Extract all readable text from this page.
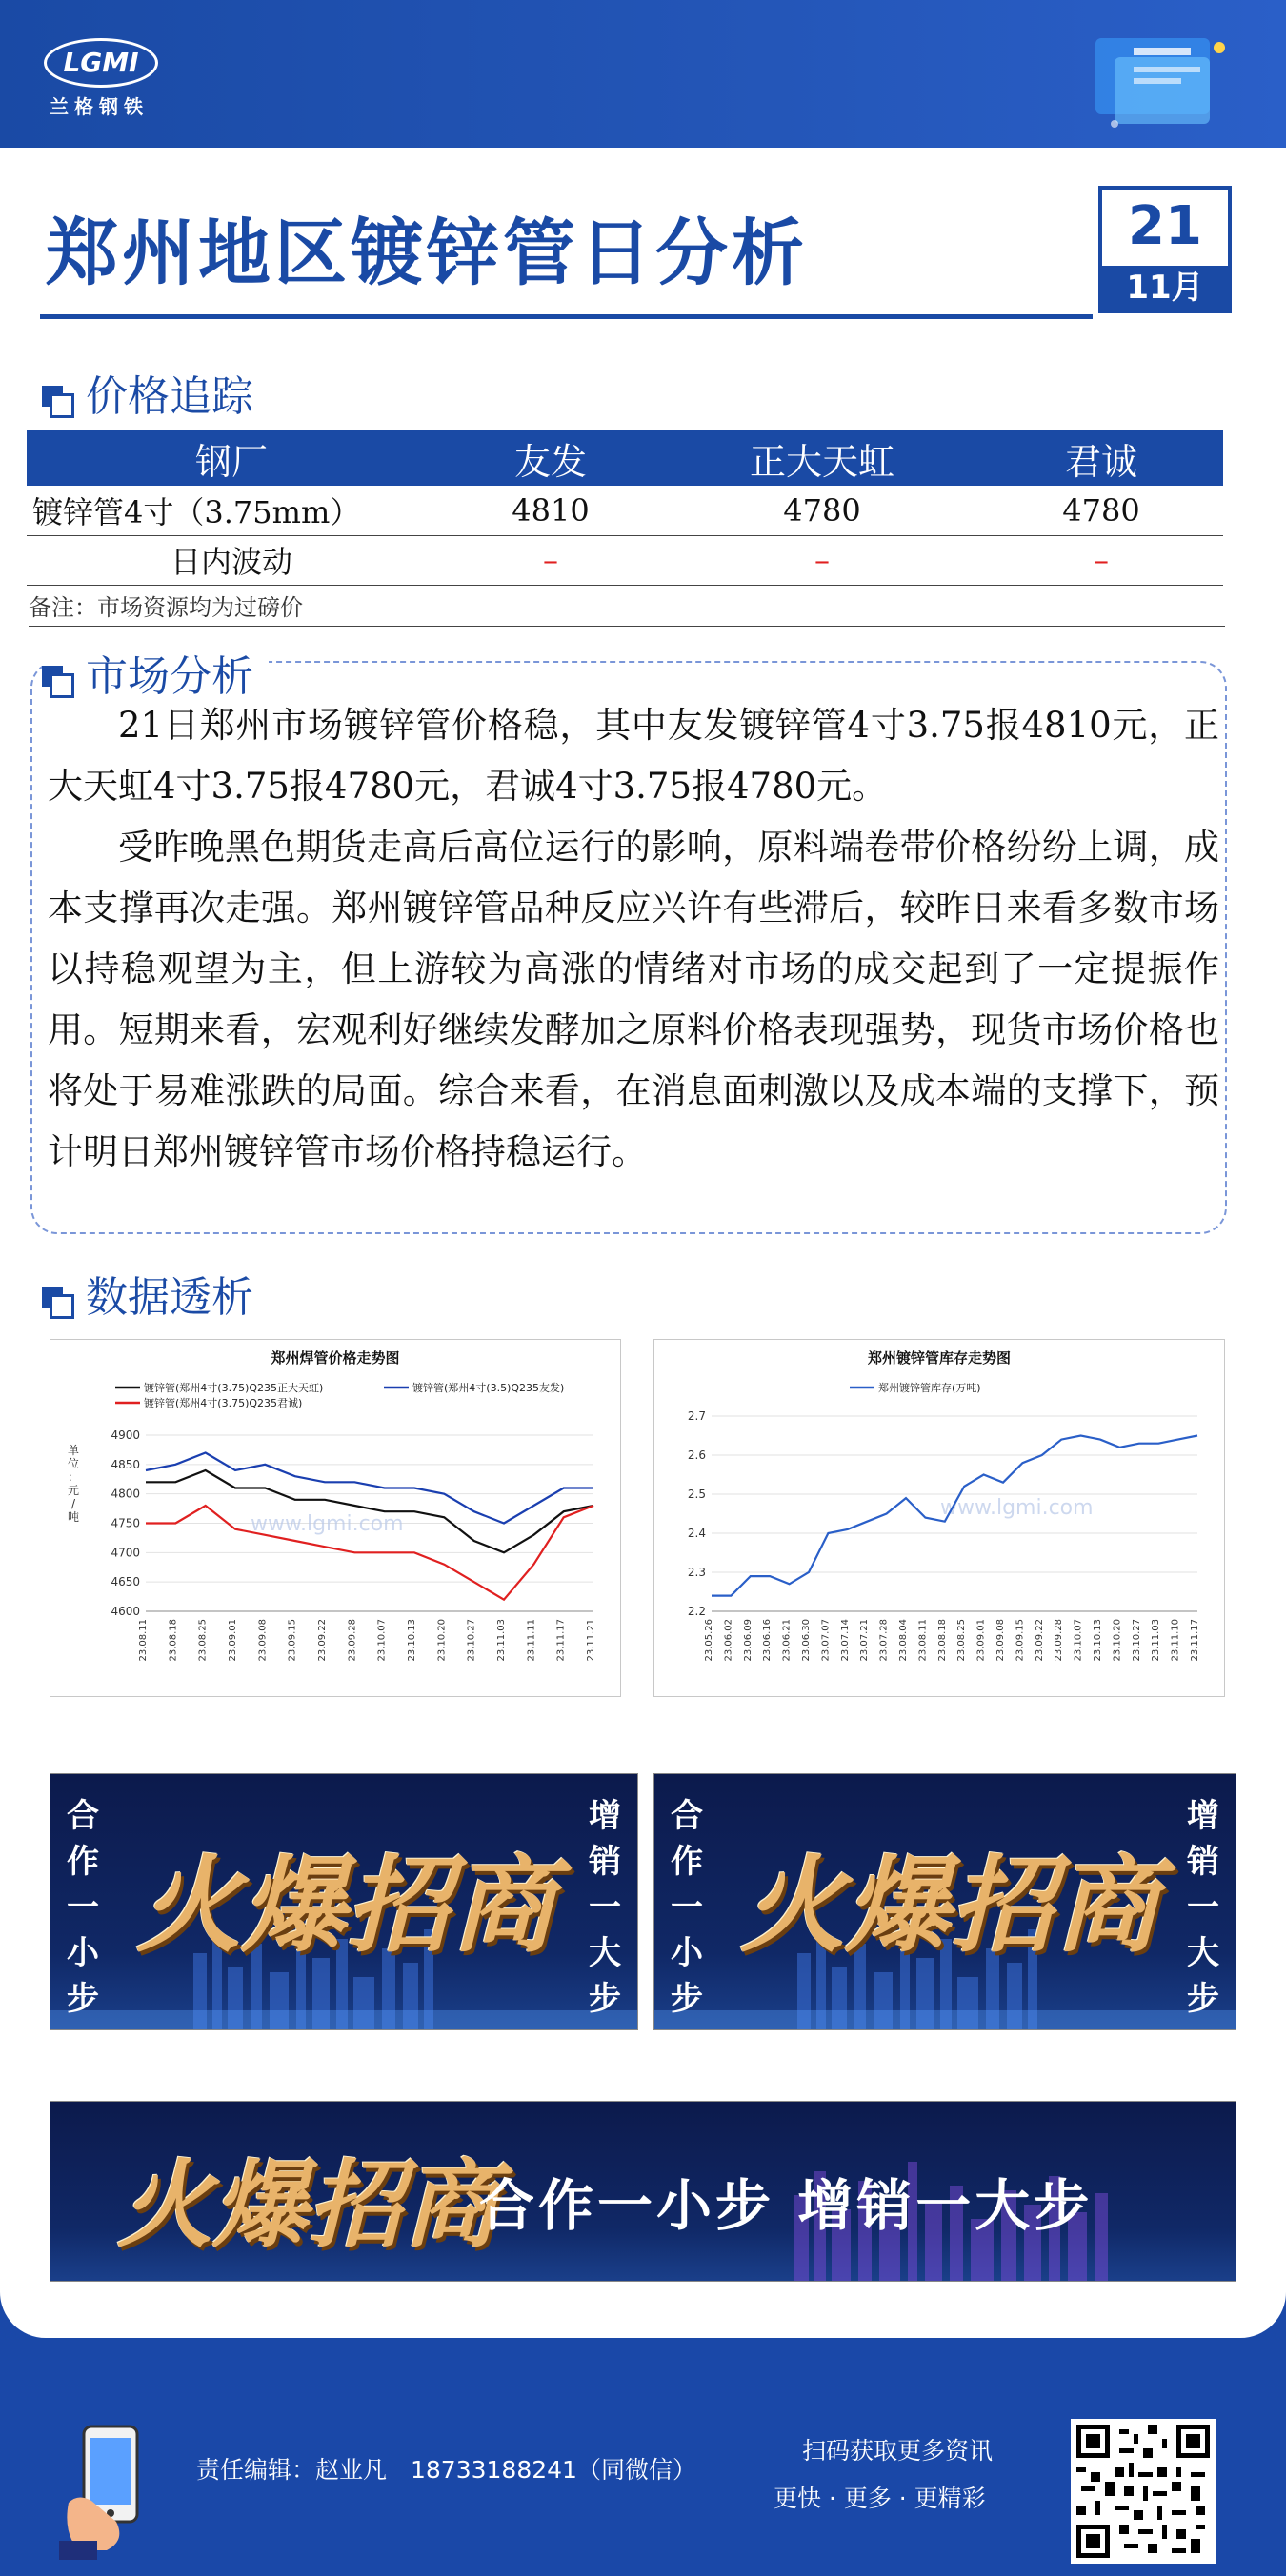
LGMI
兰格钢铁
郑州地区镀锌管日分析	21
11月
价格追踪
钢厂	友发	正大天虹	君诚
镀锌管4寸（3.75mm）	4810	4780	4780
日内波动	–	–	–
备注：市场资源均为过磅价
市场分析

21日郑州市场镀锌管价格稳，其中友发镀锌管4寸3.75报4810元，正大天虹4寸3.75报4780元，君诚4寸3.75报4780元。

受昨晚黑色期货走高后高位运行的影响，原料端卷带价格纷纷上调，成本支撑再次走强。郑州镀锌管品种反应兴许有些滞后，较昨日来看多数市场以持稳观望为主，但上游较为高涨的情绪对市场的成交起到了一定提振作用。短期来看，宏观利好继续发酵加之原料价格表现强势，现货市场价格也将处于易难涨跌的局面。综合来看，在消息面刺激以及成本端的支撑下，预计明日郑州镀锌管市场价格持稳运行。

数据透析
郑州焊管价格走势图
4600
4650
4700
4750
4800
4850
4900
23.08.11 23.08.18 23.08.25 23.09.01 23.09.08 23.09.15 23.09.22 23.09.28 23.10.07 23.10.13 23.10.20 23.10.27 23.11.03 23.11.11 23.11.17 23.11.21
单
位
：
元
/
吨	www.lgmi.com
镀锌管(郑州4寸(3.75)Q235正大天虹)	镀锌管(郑州4寸(3.5)Q235友发)
镀锌管(郑州4寸(3.75)Q235君诚)
郑州镀锌管库存走势图
2.2
2.3
2.4
2.5
2.6
2.7
23.05.26 23.06.02 23.06.09 23.06.16 23.06.21 23.06.30 23.07.07 23.07.14 23.07.21 23.07.28 23.08.04 23.08.11 23.08.18 23.08.25 23.09.01 23.09.08 23.09.15 23.09.22 23.09.28 23.10.07 23.10.13 23.10.20 23.10.27 23.11.03 23.11.10 23.11.17
www.lgmi.com
郑州镀锌管库存(万吨)
火爆招商
合作一小步
增销一大步
火爆招商
合作一小步
增销一大步
火爆招商
合作一小步 增销一大步
责任编辑：赵业凡　18733188241（同微信）
扫码获取更多资讯
更快 · 更多 · 更精彩
